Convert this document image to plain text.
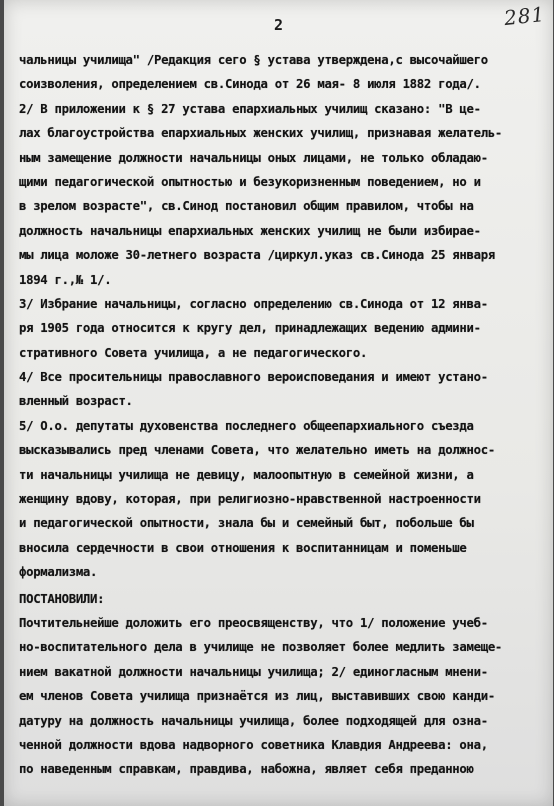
2	281
чальницы училища" /Редакция сего § устава утверждена,с высочайшего
соизволения, определением св.Синода от 26 мая- 8 июля 1882 года/.
2/ В приложении к § 27 устава епархиальных училищ сказано: "В це-
лах благоустройства епархиальных женских училищ, признавая желатель-
ным замещение должности начальницы оных лицами, не только обладаю-
щими педагогической опытностью и безукоризненным поведением, но и
в зрелом возрасте", св.Синод постановил общим правилом, чтобы на
должность начальницы епархиальных женских училищ не были избирае-
мы лица моложе 30-летнего возраста /циркул.указ св.Синода 25 января
1894 г.,№ 1/.
3/ Избрание начальницы, согласно определению св.Синода от 12 янва-
ря 1905 года относится к кругу дел, принадлежащих ведению админи-
стративного Совета училища, а не педагогического.
4/ Все просительницы православного вероисповедания и имеют устано-
вленный возраст.
5/ О.о. депутаты духовенства последнего общеепархиального съезда
высказывались пред членами Совета, что желательно иметь на должнос-
ти начальницы училища не девицу, малоопытную в семейной жизни, а
женщину вдову, которая, при религиозно-нравственной настроенности
и педагогической опытности, знала бы и семейный быт, побольше бы
вносила сердечности в свои отношения к воспитанницам и поменьше
формализма.
ПОСТАНОВИЛИ:
Почтительнейше доложить его преосвященству, что 1/ положение учеб-
но-воспитательного дела в училище не позволяет более медлить замеще-
нием вакатной должности начальницы училища; 2/ единогласным мнени-
ем членов Совета училища признаётся из лиц, выставивших свою канди-
датуру на должность начальницы училища, более подходящей для озна-
ченной должности вдова надворного советника Клавдия Андреева: она,
по наведенным справкам, правдива, набожна, являет себя преданною
